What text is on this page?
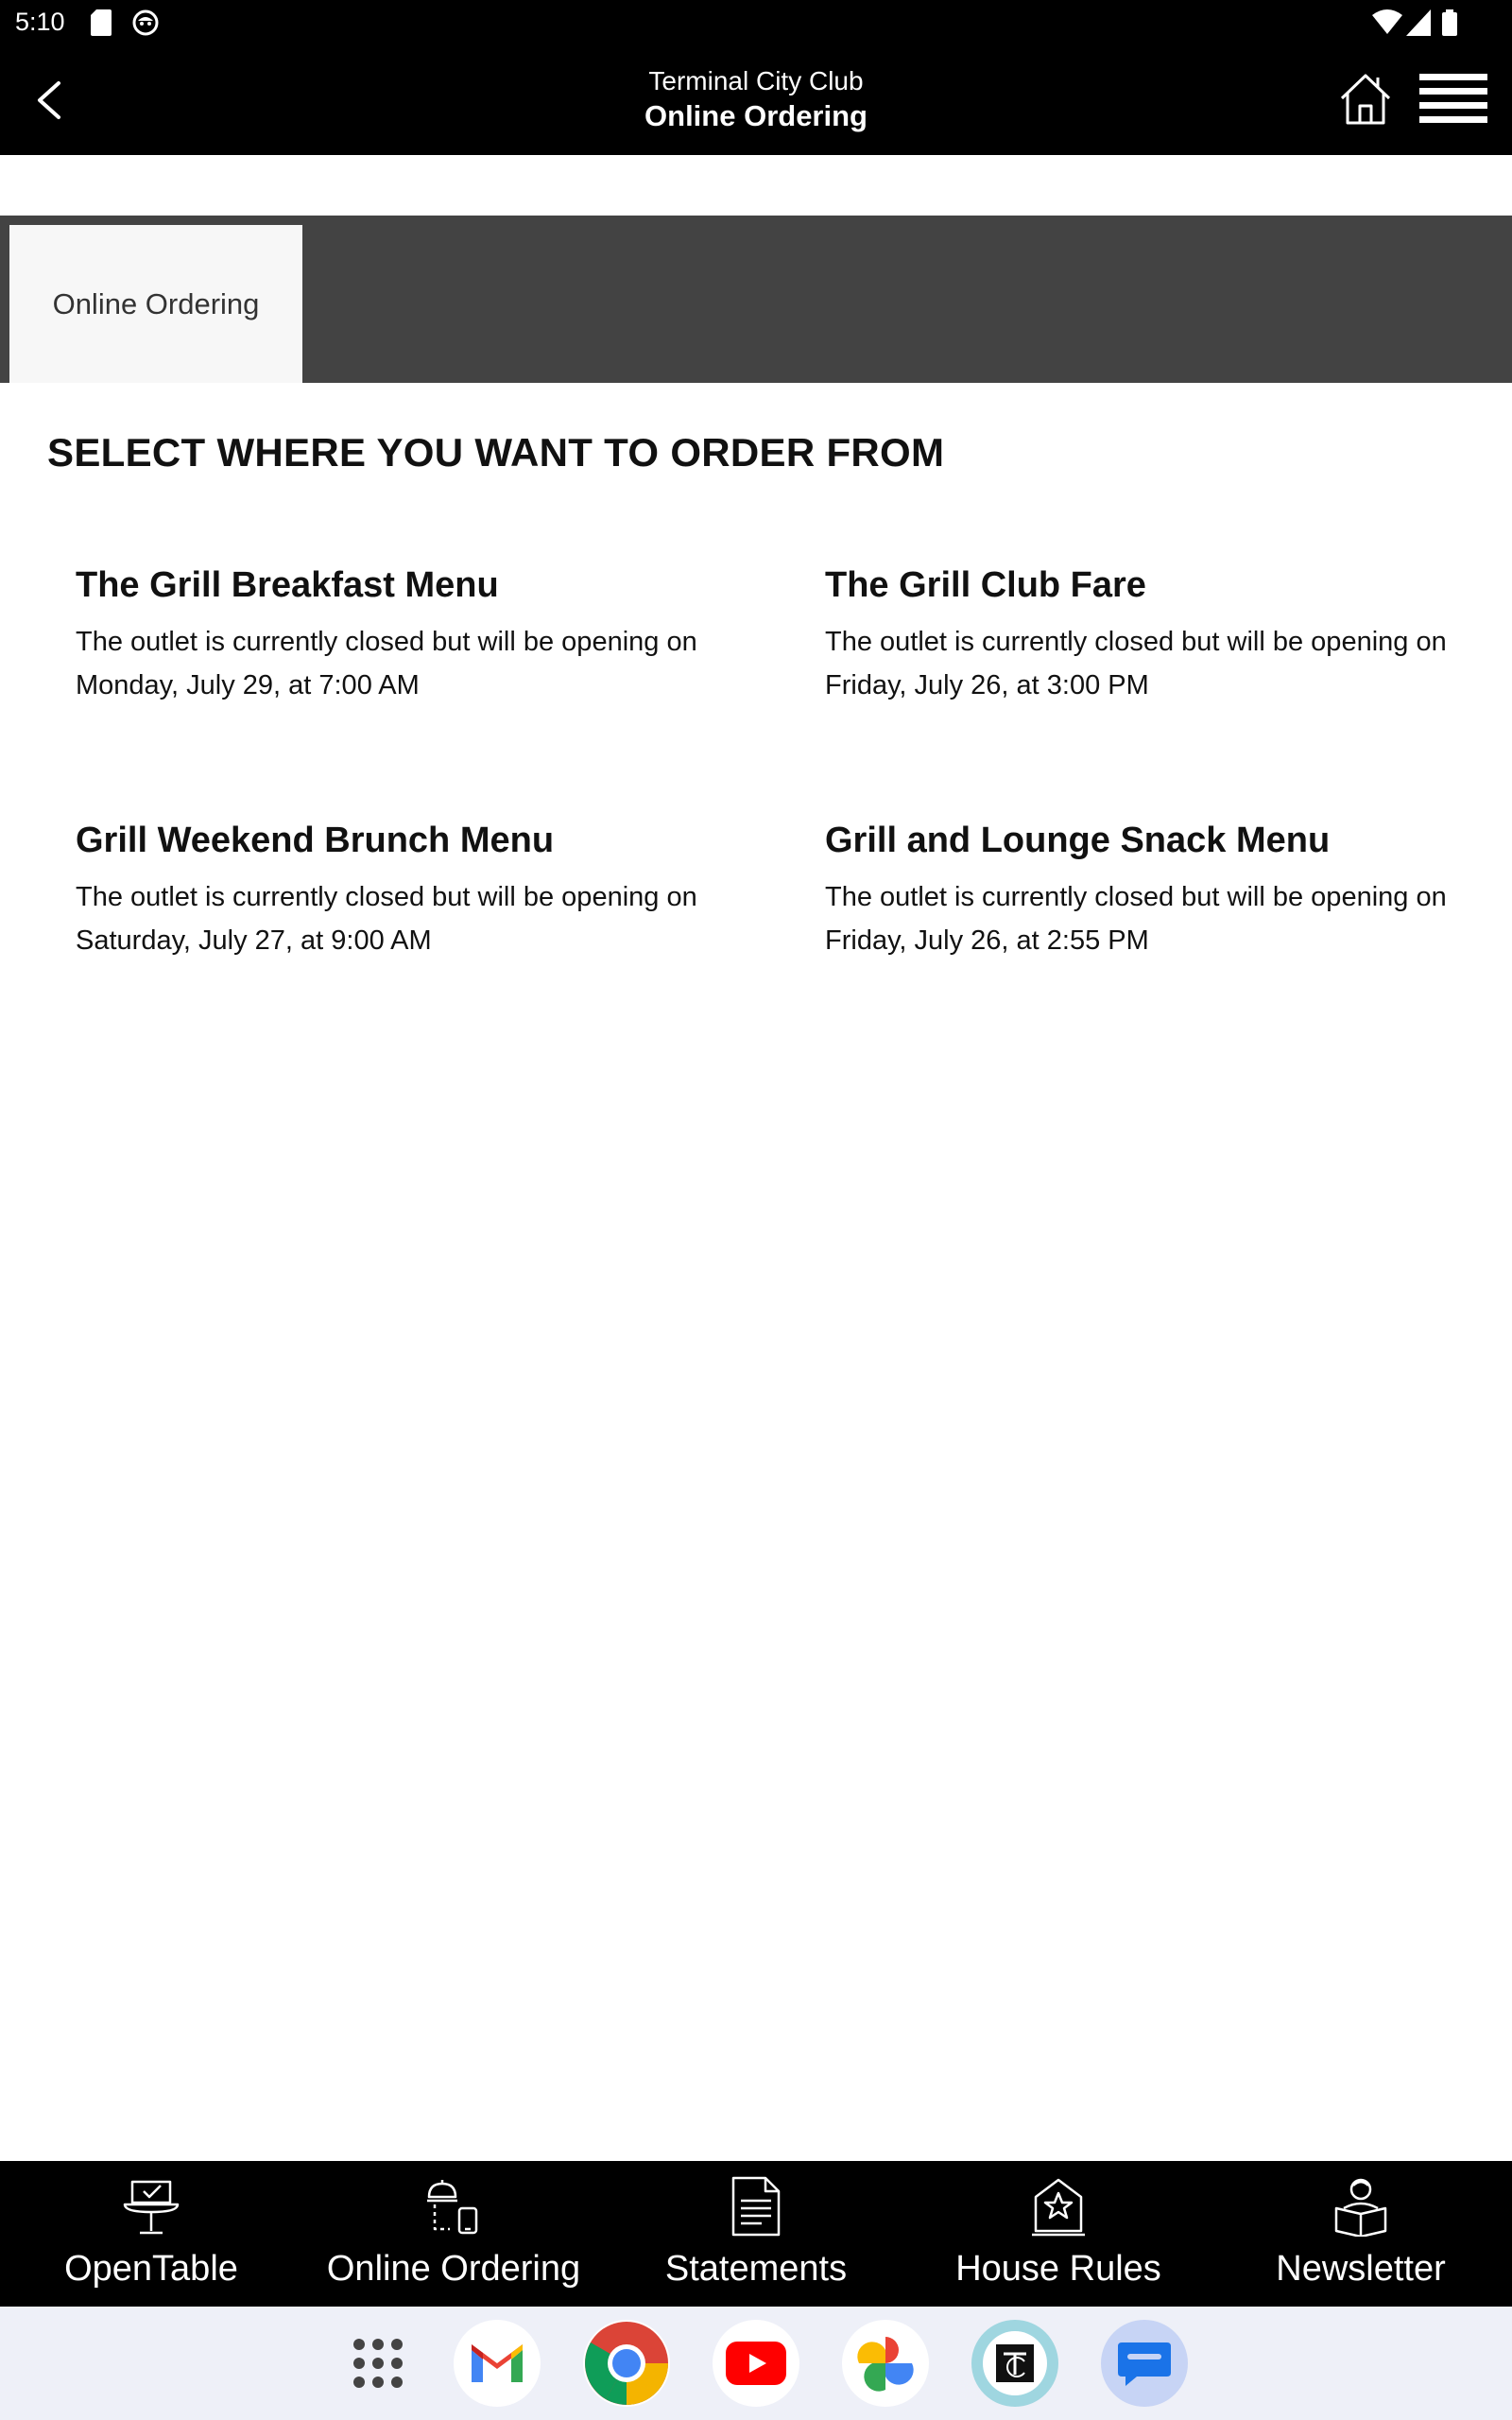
5:10
Terminal City Club
Online Ordering
Online Ordering
SELECT WHERE YOU WANT TO ORDER FROM

The Grill Breakfast Menu

The outlet is currently closed but will be opening on Monday, July 29, at 7:00 AM

The Grill Club Fare

The outlet is currently closed but will be opening on Friday, July 26, at 3:00 PM

Grill Weekend Brunch Menu

The outlet is currently closed but will be opening on Saturday, July 27, at 9:00 AM

Grill and Lounge Snack Menu

The outlet is currently closed but will be opening on Friday, July 26, at 2:55 PM

OpenTable	Online Ordering	Statements	House Rules	Newsletter
